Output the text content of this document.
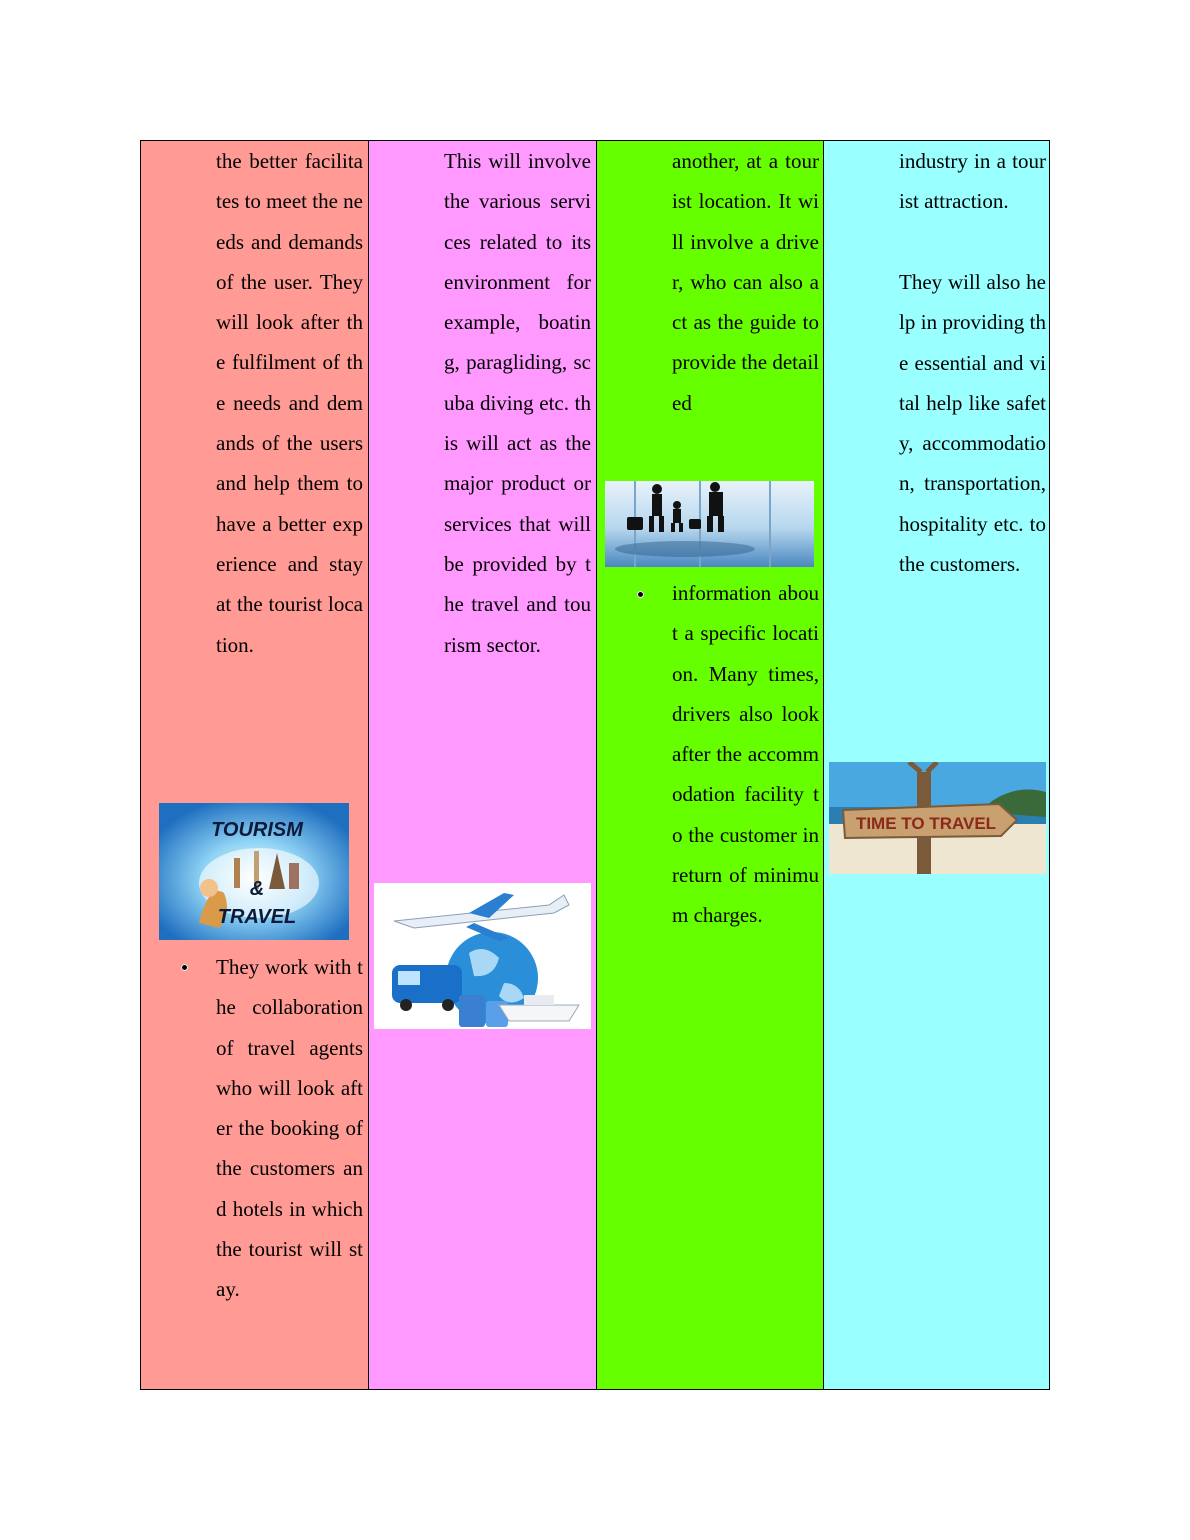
the better facilitates to meet the needs and demands of the user. They will look after the fulfilment of the needs and demands of the users and help them to have a better experience and stay at the tourist location.

TOURISM
&
TRAVEL

They work with the collaboration of travel agents who will look after the booking of the customers and hotels in which the tourist will stay.

This will involve the various services related to its environment for example, boating, paragliding, scuba diving etc. this will act as the major product or services that will be provided by the travel and tourism sector.

another, at a tourist location. It will involve a driver, who can also act as the guide to provide the detailed

information about a specific location. Many times, drivers also look after the accommodation facility to the customer in return of minimum charges.

industry in a tourist attraction.

They will also help in providing the essential and vital help like safety, accommodation, transportation, hospitality etc. to the customers.

TIME TO TRAVEL
